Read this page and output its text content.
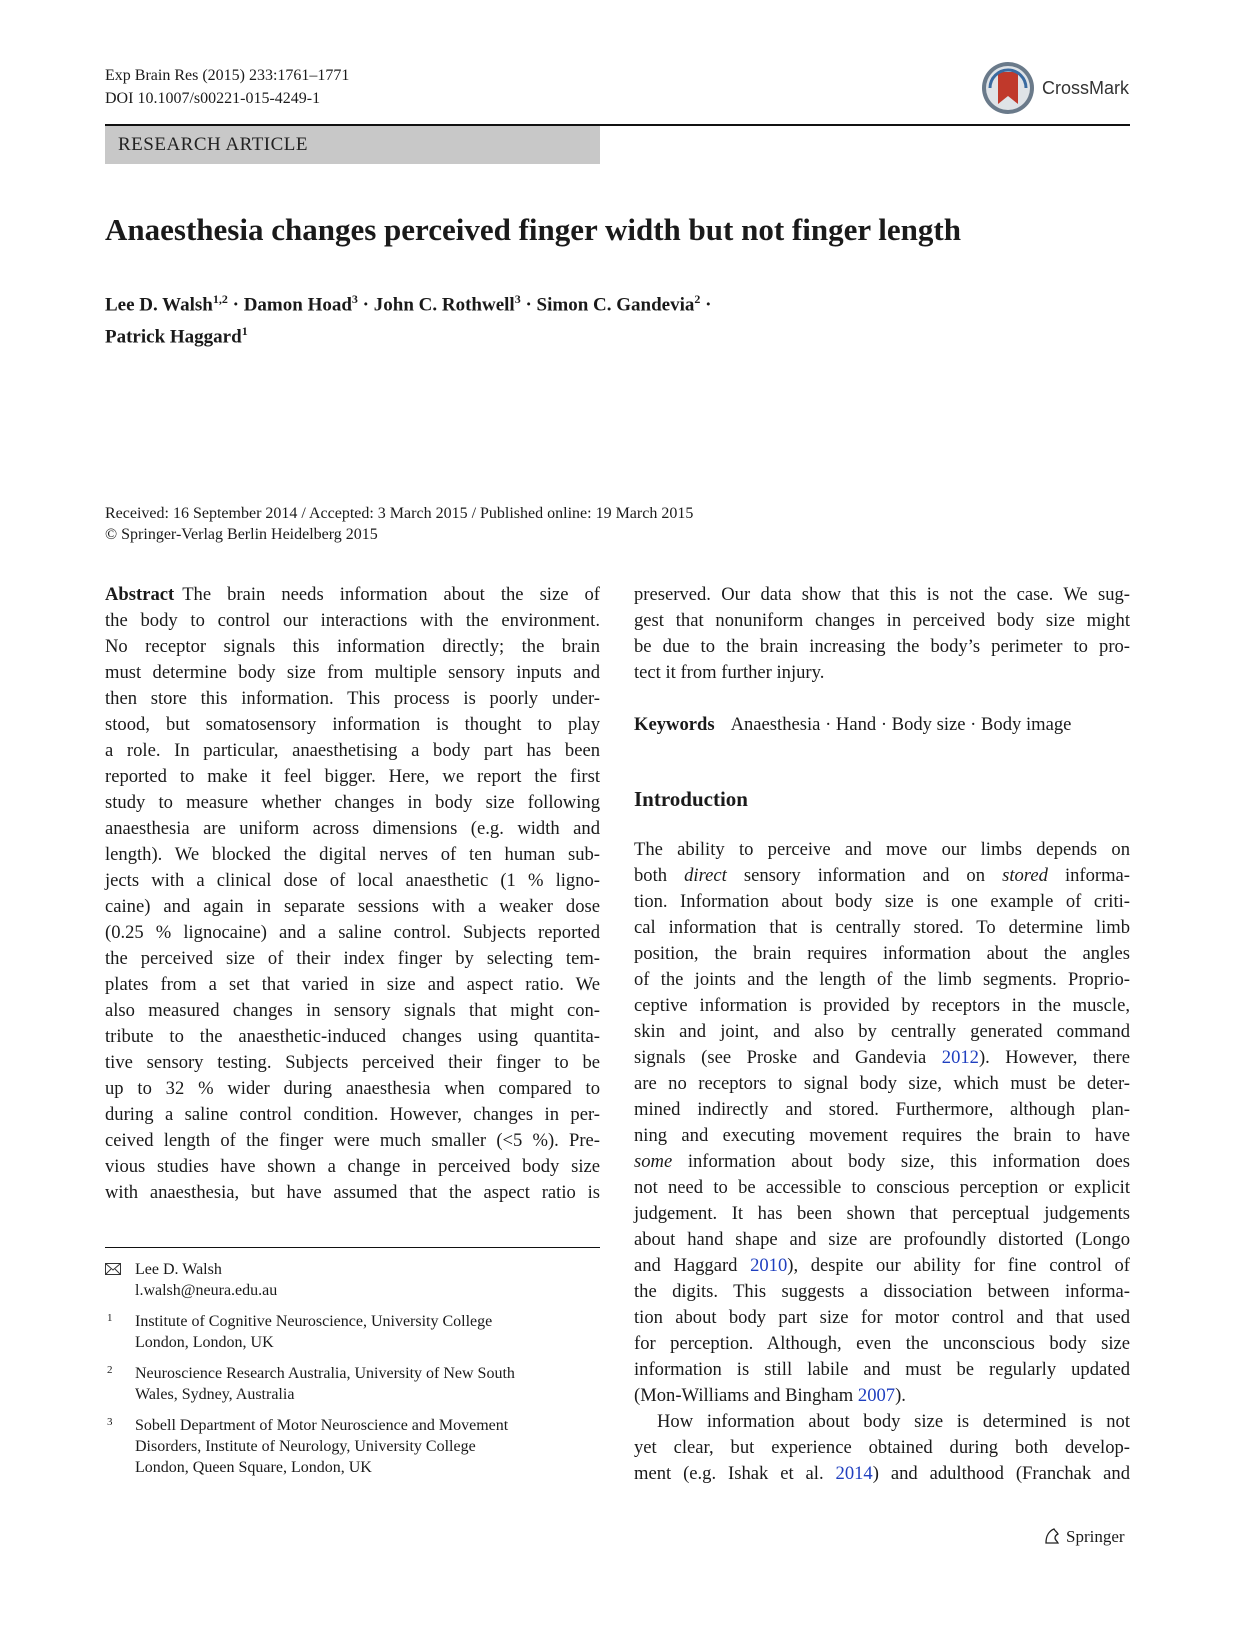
Exp Brain Res (2015) 233:1761–1771
DOI 10.1007/s00221-015-4249-1
CrossMark
RESEARCH ARTICLE
Anaesthesia changes perceived finger width but not finger length
Lee D. Walsh$^{1,2}$ · Damon Hoad$^3$ · John C. Rothwell$^3$ · Simon C. Gandevia$^2$ ·
Patrick Haggard$^1$
Received: 16 September 2014 / Accepted: 3 March 2015 / Published online: 19 March 2015
© Springer-Verlag Berlin Heidelberg 2015
Abstract The brain needs information about the size of
the body to control our interactions with the environment.
No receptor signals this information directly; the brain
must determine body size from multiple sensory inputs and
then store this information. This process is poorly under-
stood, but somatosensory information is thought to play
a role. In particular, anaesthetising a body part has been
reported to make it feel bigger. Here, we report the first
study to measure whether changes in body size following
anaesthesia are uniform across dimensions (e.g. width and
length). We blocked the digital nerves of ten human sub-
jects with a clinical dose of local anaesthetic (1 % ligno-
caine) and again in separate sessions with a weaker dose
(0.25 % lignocaine) and a saline control. Subjects reported
the perceived size of their index finger by selecting tem-
plates from a set that varied in size and aspect ratio. We
also measured changes in sensory signals that might con-
tribute to the anaesthetic-induced changes using quantita-
tive sensory testing. Subjects perceived their finger to be
up to 32 % wider during anaesthesia when compared to
during a saline control condition. However, changes in per-
ceived length of the finger were much smaller (<5 %). Pre-
vious studies have shown a change in perceived body size
with anaesthesia, but have assumed that the aspect ratio is
Lee D. Walsh
l.walsh@neura.edu.au
1 Institute of Cognitive Neuroscience, University College
London, London, UK
2 Neuroscience Research Australia, University of New South
Wales, Sydney, Australia
3 Sobell Department of Motor Neuroscience and Movement
Disorders, Institute of Neurology, University College
London, Queen Square, London, UK
preserved. Our data show that this is not the case. We sug-
gest that nonuniform changes in perceived body size might
be due to the brain increasing the body’s perimeter to pro-
tect it from further injury.
Keywords Anaesthesia · Hand · Body size · Body image
Introduction
The ability to perceive and move our limbs depends on
both direct sensory information and on stored informa-
tion. Information about body size is one example of criti-
cal information that is centrally stored. To determine limb
position, the brain requires information about the angles
of the joints and the length of the limb segments. Proprio-
ceptive information is provided by receptors in the muscle,
skin and joint, and also by centrally generated command
signals (see Proske and Gandevia 2012). However, there
are no receptors to signal body size, which must be deter-
mined indirectly and stored. Furthermore, although plan-
ning and executing movement requires the brain to have
some information about body size, this information does
not need to be accessible to conscious perception or explicit
judgement. It has been shown that perceptual judgements
about hand shape and size are profoundly distorted (Longo
and Haggard 2010), despite our ability for fine control of
the digits. This suggests a dissociation between informa-
tion about body part size for motor control and that used
for perception. Although, even the unconscious body size
information is still labile and must be regularly updated
(Mon-Williams and Bingham 2007).
How information about body size is determined is not
yet clear, but experience obtained during both develop-
ment (e.g. Ishak et al. 2014) and adulthood (Franchak and
Springer
